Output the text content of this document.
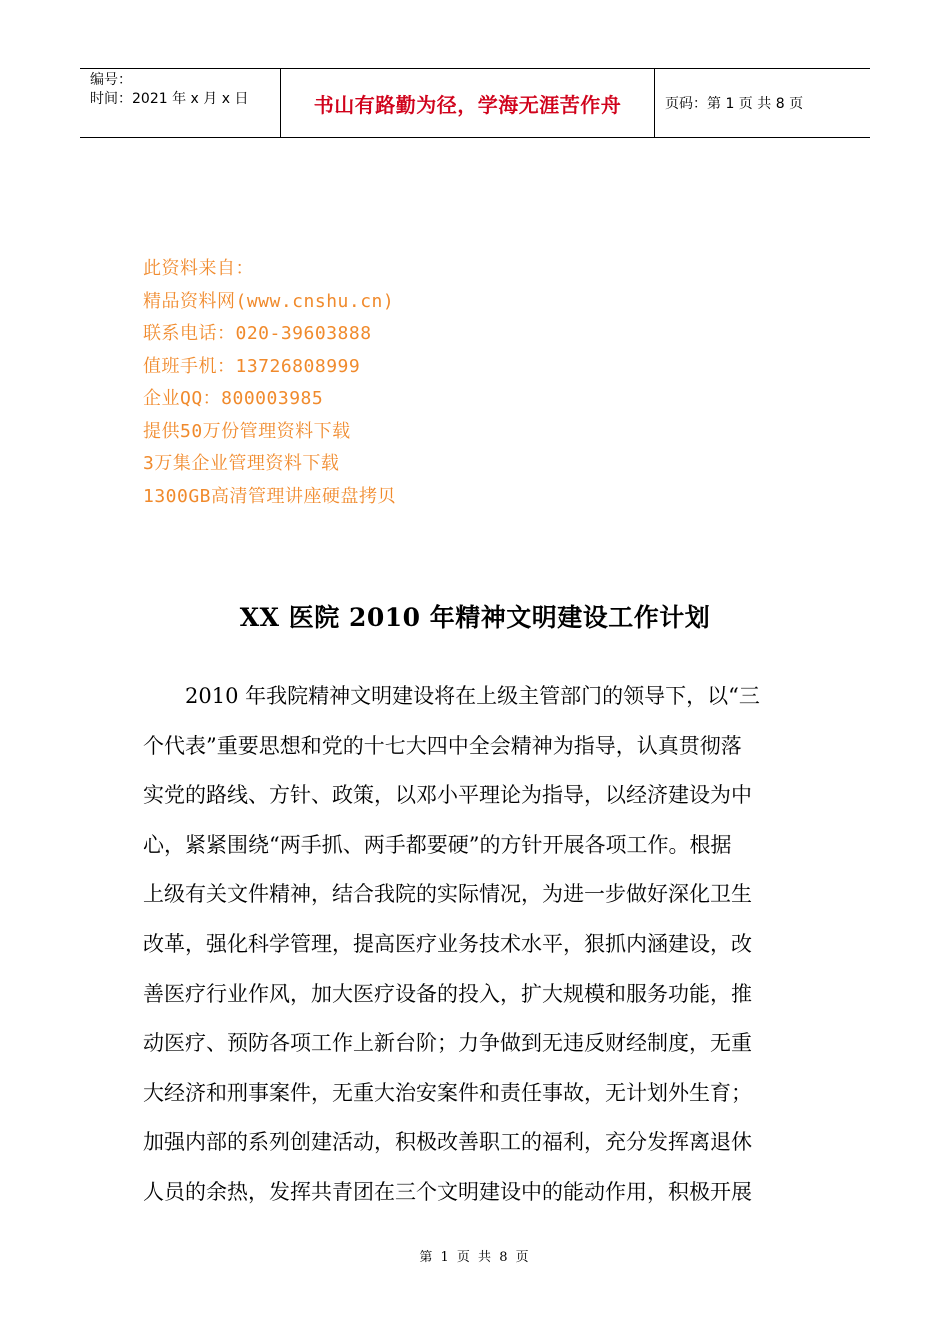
编号：
时间：2021 年 x 月 x 日	书山有路勤为径，学海无涯苦作舟	页码：第 1 页 共 8 页
此资料来自：
精品资料网(www.cnshu.cn)
联系电话：020-39603888
值班手机：13726808999
企业QQ：800003985
提供50万份管理资料下载
3万集企业管理资料下载
1300GB高清管理讲座硬盘拷贝
XX 医院 2010 年精神文明建设工作计划
　　2010 年我院精神文明建设将在上级主管部门的领导下，以“三
个代表”重要思想和党的十七大四中全会精神为指导，认真贯彻落
实党的路线、方针、政策，以邓小平理论为指导，以经济建设为中
心，紧紧围绕“两手抓、两手都要硬”的方针开展各项工作。根据
上级有关文件精神，结合我院的实际情况，为进一步做好深化卫生
改革，强化科学管理，提高医疗业务技术水平，狠抓内涵建设，改
善医疗行业作风，加大医疗设备的投入，扩大规模和服务功能，推
动医疗、预防各项工作上新台阶；力争做到无违反财经制度，无重
大经济和刑事案件，无重大治安案件和责任事故，无计划外生育；
加强内部的系列创建活动，积极改善职工的福利，充分发挥离退休
人员的余热，发挥共青团在三个文明建设中的能动作用，积极开展
第 1 页 共 8 页
